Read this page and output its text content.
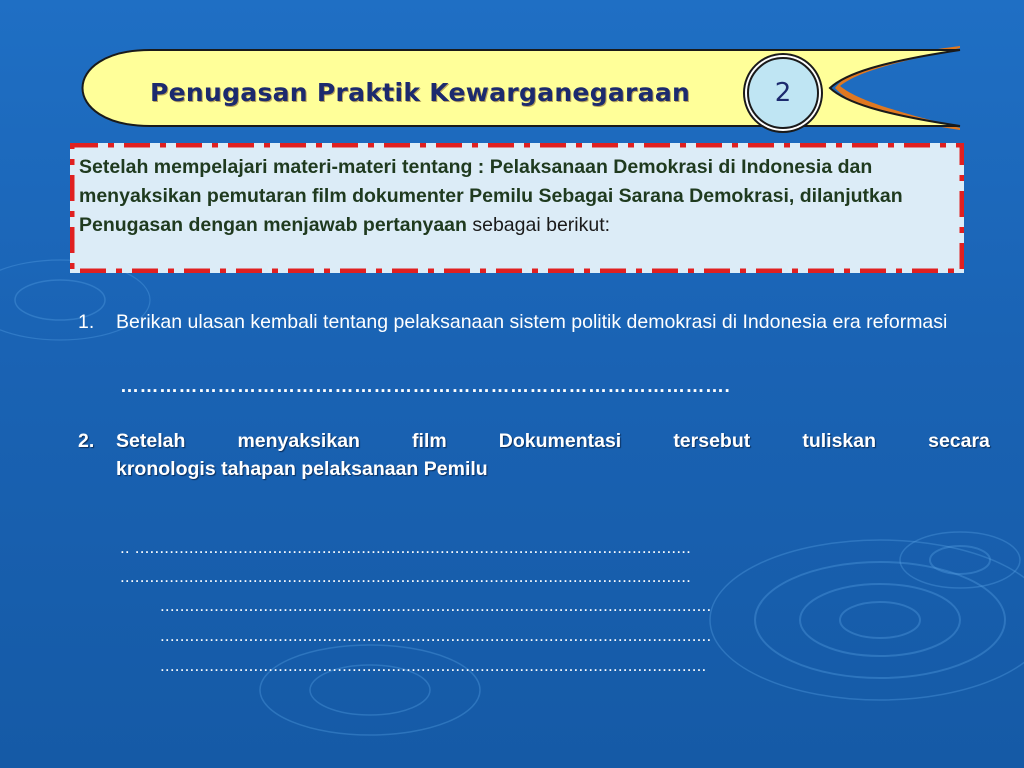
Penugasan Praktik Kewarganegaraan	2
Setelah mempelajari materi-materi tentang : Pelaksanaan Demokrasi di Indonesia dan menyaksikan pemutaran film dokumenter Pemilu Sebagai Sarana Demokrasi, dilanjutkan Penugasan dengan menjawab pertanyaan sebagai berikut:
1. Berikan ulasan kembali tentang pelaksanaan sistem politik demokrasi di Indonesia era reformasi
………………………………………………………………………………….
2. Setelah	menyaksikan	film	Dokumentasi	tersebut	tuliskan	secara
kronologis tahapan pelaksanaan Pemilu
.. .................................................................................................................
....................................................................................................................
................................................................................................................
................................................................................................................
...............................................................................................................
